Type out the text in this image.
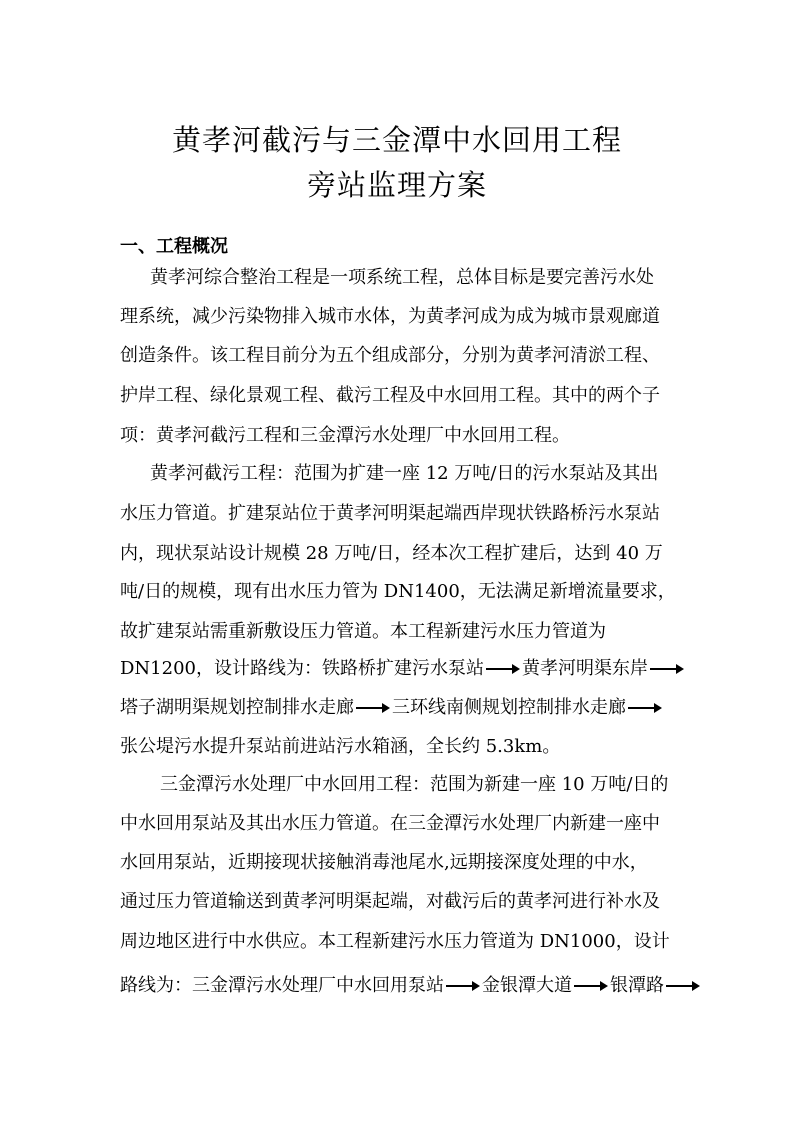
黄孝河截污与三金潭中水回用工程
旁站监理方案
一、工程概况
黄孝河综合整治工程是一项系统工程，总体目标是要完善污水处
理系统，减少污染物排入城市水体，为黄孝河成为成为城市景观廊道
创造条件。该工程目前分为五个组成部分，分别为黄孝河清淤工程、
护岸工程、绿化景观工程、截污工程及中水回用工程。其中的两个子
项：黄孝河截污工程和三金潭污水处理厂中水回用工程。
黄孝河截污工程：范围为扩建一座 12 万吨/日的污水泵站及其出
水压力管道。扩建泵站位于黄孝河明渠起端西岸现状铁路桥污水泵站
内，现状泵站设计规模 28 万吨/日，经本次工程扩建后，达到 40 万
吨/日的规模，现有出水压力管为 DN1400，无法满足新增流量要求，
故扩建泵站需重新敷设压力管道。本工程新建污水压力管道为
DN1200，设计路线为：铁路桥扩建污水泵站 黄孝河明渠东岸
塔子湖明渠规划控制排水走廊 三环线南侧规划控制排水走廊
张公堤污水提升泵站前进站污水箱涵，全长约 5.3km。
三金潭污水处理厂中水回用工程：范围为新建一座 10 万吨/日的
中水回用泵站及其出水压力管道。在三金潭污水处理厂内新建一座中
水回用泵站，近期接现状接触消毒池尾水,远期接深度处理的中水，
通过压力管道输送到黄孝河明渠起端，对截污后的黄孝河进行补水及
周边地区进行中水供应。本工程新建污水压力管道为 DN1000，设计
路线为：三金潭污水处理厂中水回用泵站 金银潭大道 银潭路
